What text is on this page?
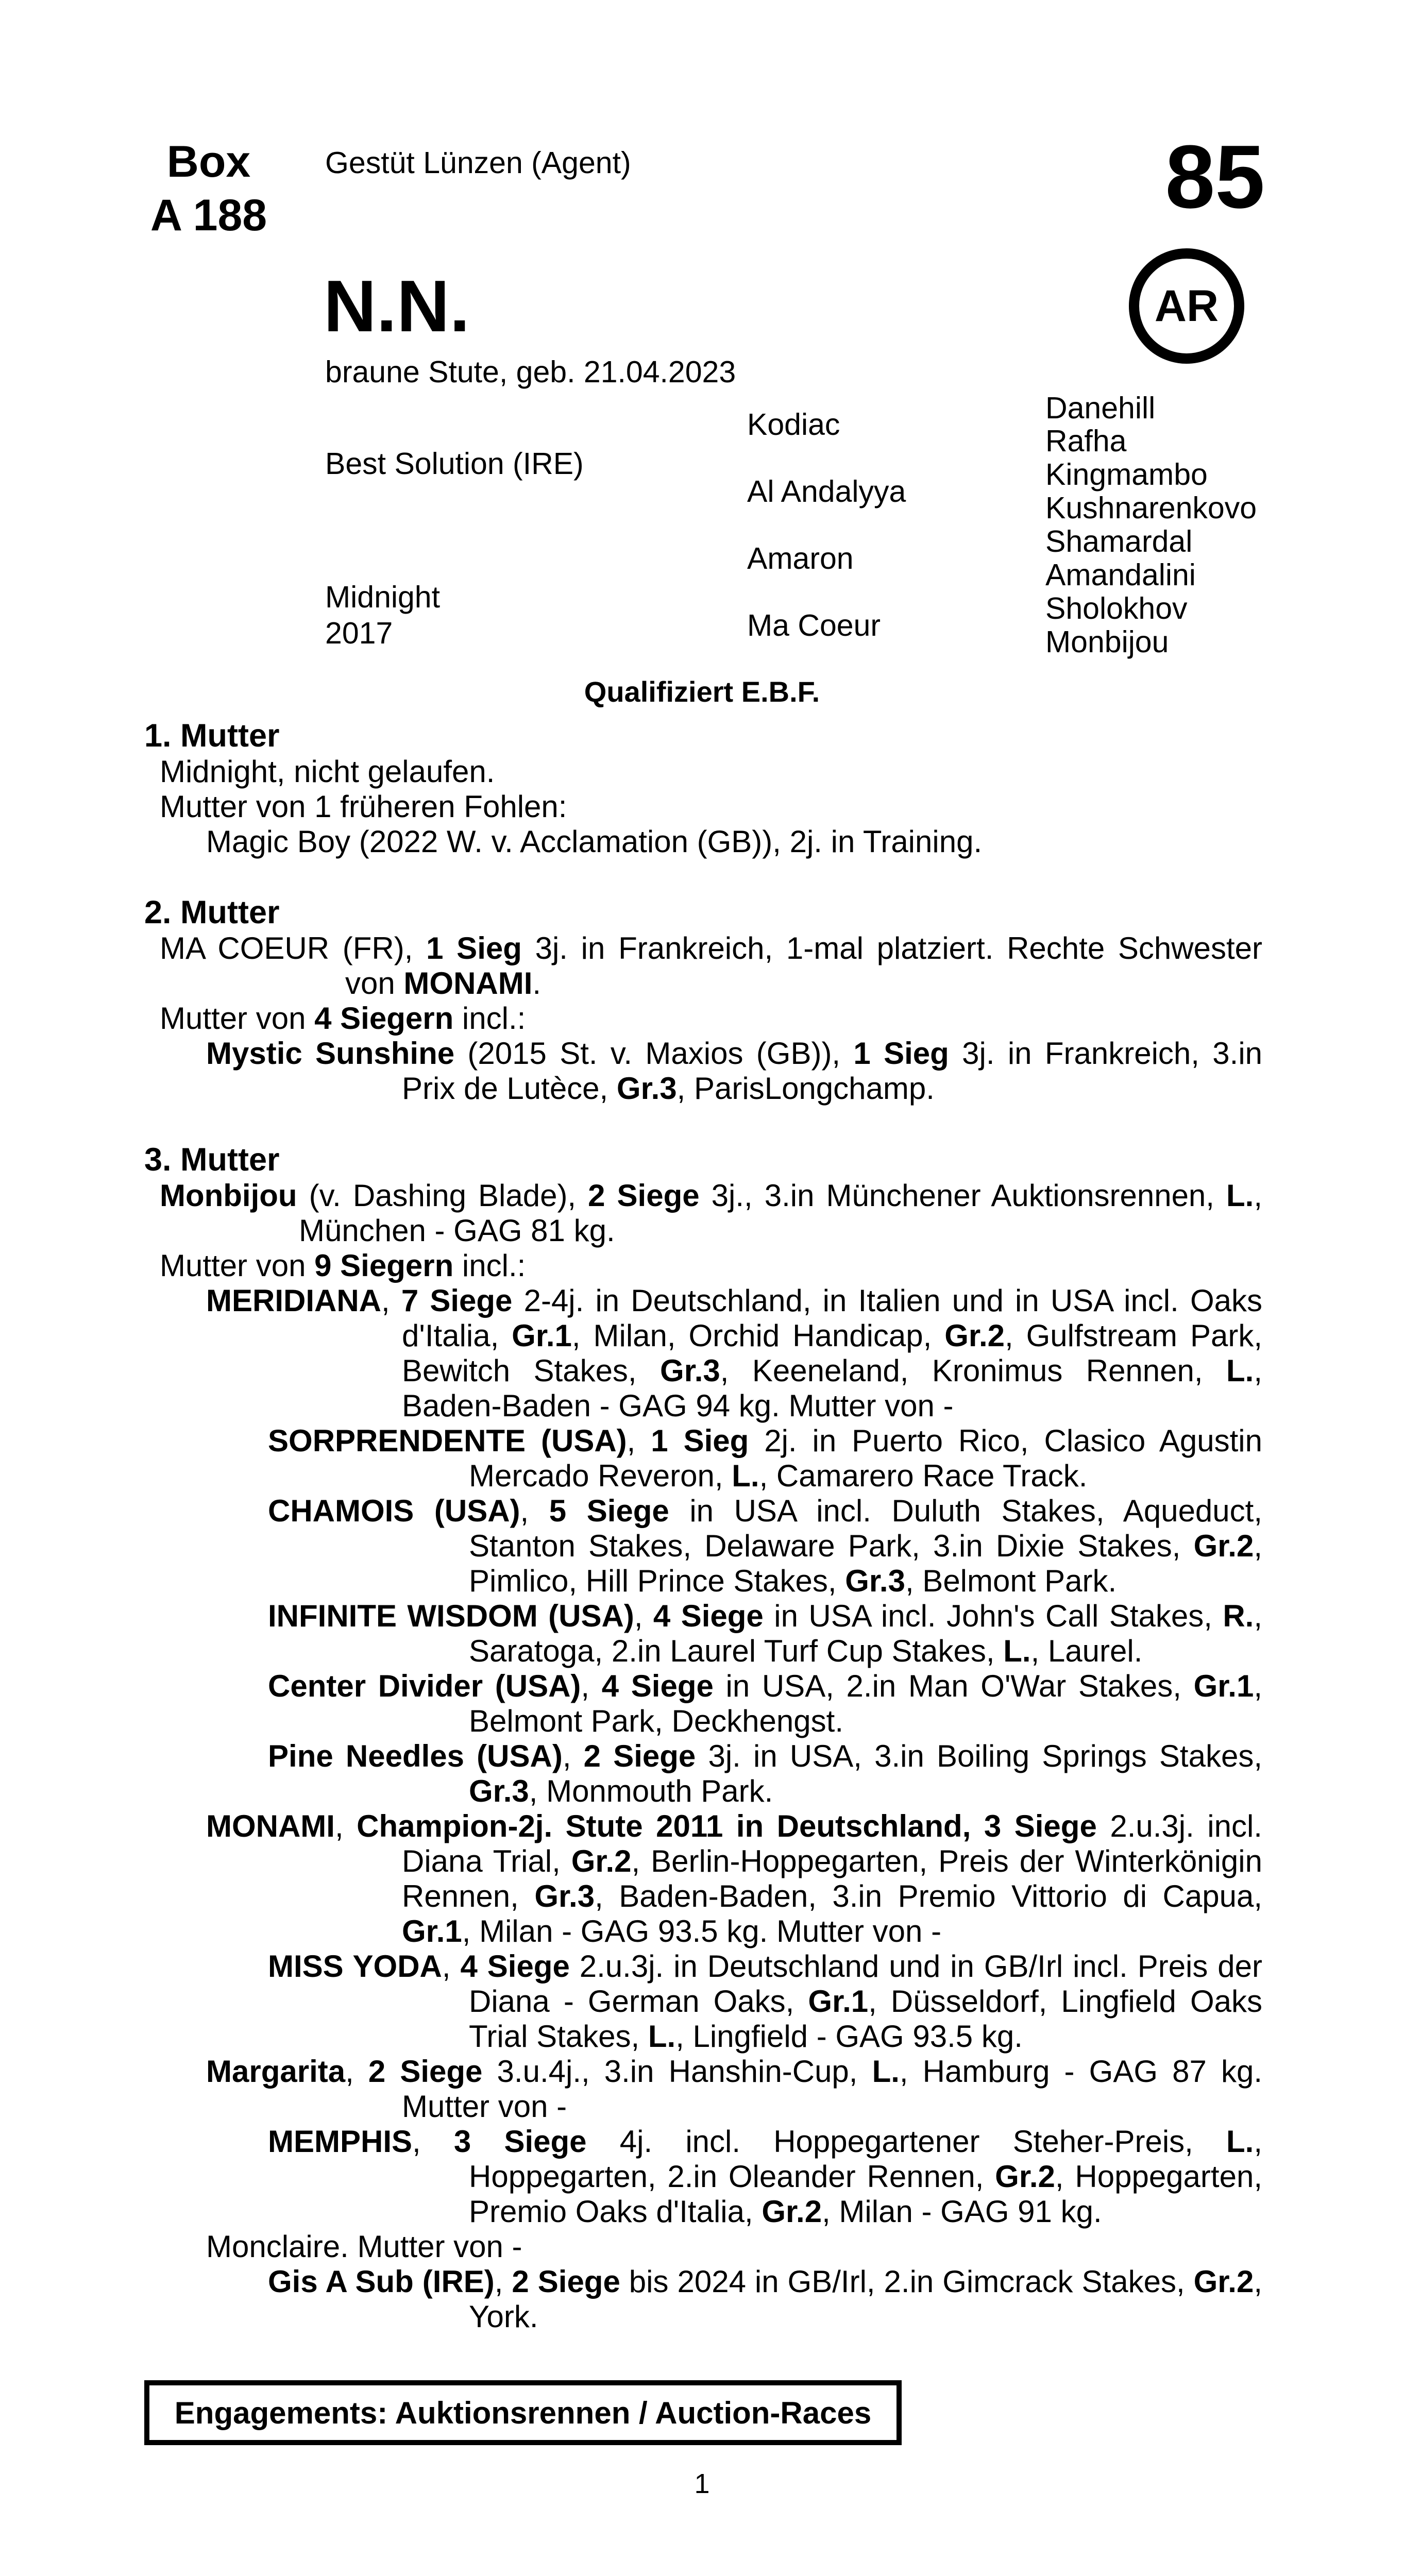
Box
A 188
Gestüt Lünzen (Agent)	85
AR
N.N.
braune Stute, geb. 21.04.2023
Best Solution (IRE)
Midnight
2017
Kodiac
Al Andalyya
Amaron
Ma Coeur
Danehill
Rafha
Kingmambo
Kushnarenkovo
Shamardal
Amandalini
Sholokhov
Monbijou
Qualifiziert E.B.F.
1. Mutter
Midnight, nicht gelaufen.
Mutter von 1 früheren Fohlen:
Magic Boy (2022 W. v. Acclamation (GB)), 2j. in Training.
2. Mutter
MA COEUR (FR), 1 Sieg 3j. in Frankreich, 1-mal platziert. Rechte Schwester von MONAMI.
Mutter von 4 Siegern incl.:
Mystic Sunshine (2015 St. v. Maxios (GB)), 1 Sieg 3j. in Frankreich, 3.in Prix de Lutèce, Gr.3, ParisLongchamp.
3. Mutter
Monbijou (v. Dashing Blade), 2 Siege 3j., 3.in Münchener Auktionsrennen, L., München - GAG 81 kg.
Mutter von 9 Siegern incl.:
MERIDIANA, 7 Siege 2-4j. in Deutschland, in Italien und in USA incl. Oaks d'Italia, Gr.1, Milan, Orchid Handicap, Gr.2, Gulfstream Park, Bewitch Stakes, Gr.3, Keeneland, Kronimus Rennen, L., Baden-Baden - GAG 94 kg. Mutter von -
SORPRENDENTE (USA), 1 Sieg 2j. in Puerto Rico, Clasico Agustin Mercado Reveron, L., Camarero Race Track.
CHAMOIS (USA), 5 Siege in USA incl. Duluth Stakes, Aqueduct, Stanton Stakes, Delaware Park, 3.in Dixie Stakes, Gr.2, Pimlico, Hill Prince Stakes, Gr.3, Belmont Park.
INFINITE WISDOM (USA), 4 Siege in USA incl. John's Call Stakes, R., Saratoga, 2.in Laurel Turf Cup Stakes, L., Laurel.
Center Divider (USA), 4 Siege in USA, 2.in Man O'War Stakes, Gr.1, Belmont Park, Deckhengst.
Pine Needles (USA), 2 Siege 3j. in USA, 3.in Boiling Springs Stakes, Gr.3, Monmouth Park.
MONAMI, Champion-2j. Stute 2011 in Deutschland, 3 Siege 2.u.3j. incl. Diana Trial, Gr.2, Berlin-Hoppegarten, Preis der Winterkönigin Rennen, Gr.3, Baden-Baden, 3.in Premio Vittorio di Capua, Gr.1, Milan - GAG 93.5 kg. Mutter von -
MISS YODA, 4 Siege 2.u.3j. in Deutschland und in GB/Irl incl. Preis der Diana - German Oaks, Gr.1, Düsseldorf, Lingfield Oaks Trial Stakes, L., Lingfield - GAG 93.5 kg.
Margarita, 2 Siege 3.u.4j., 3.in Hanshin-Cup, L., Hamburg - GAG 87 kg. Mutter von -
MEMPHIS, 3 Siege 4j. incl. Hoppegartener Steher-Preis, L., Hoppegarten, 2.in Oleander Rennen, Gr.2, Hoppegarten, Premio Oaks d'Italia, Gr.2, Milan - GAG 91 kg.
Monclaire. Mutter von -
Gis A Sub (IRE), 2 Siege bis 2024 in GB/Irl, 2.in Gimcrack Stakes, Gr.2, York.
Engagements: Auktionsrennen / Auction-Races
1
